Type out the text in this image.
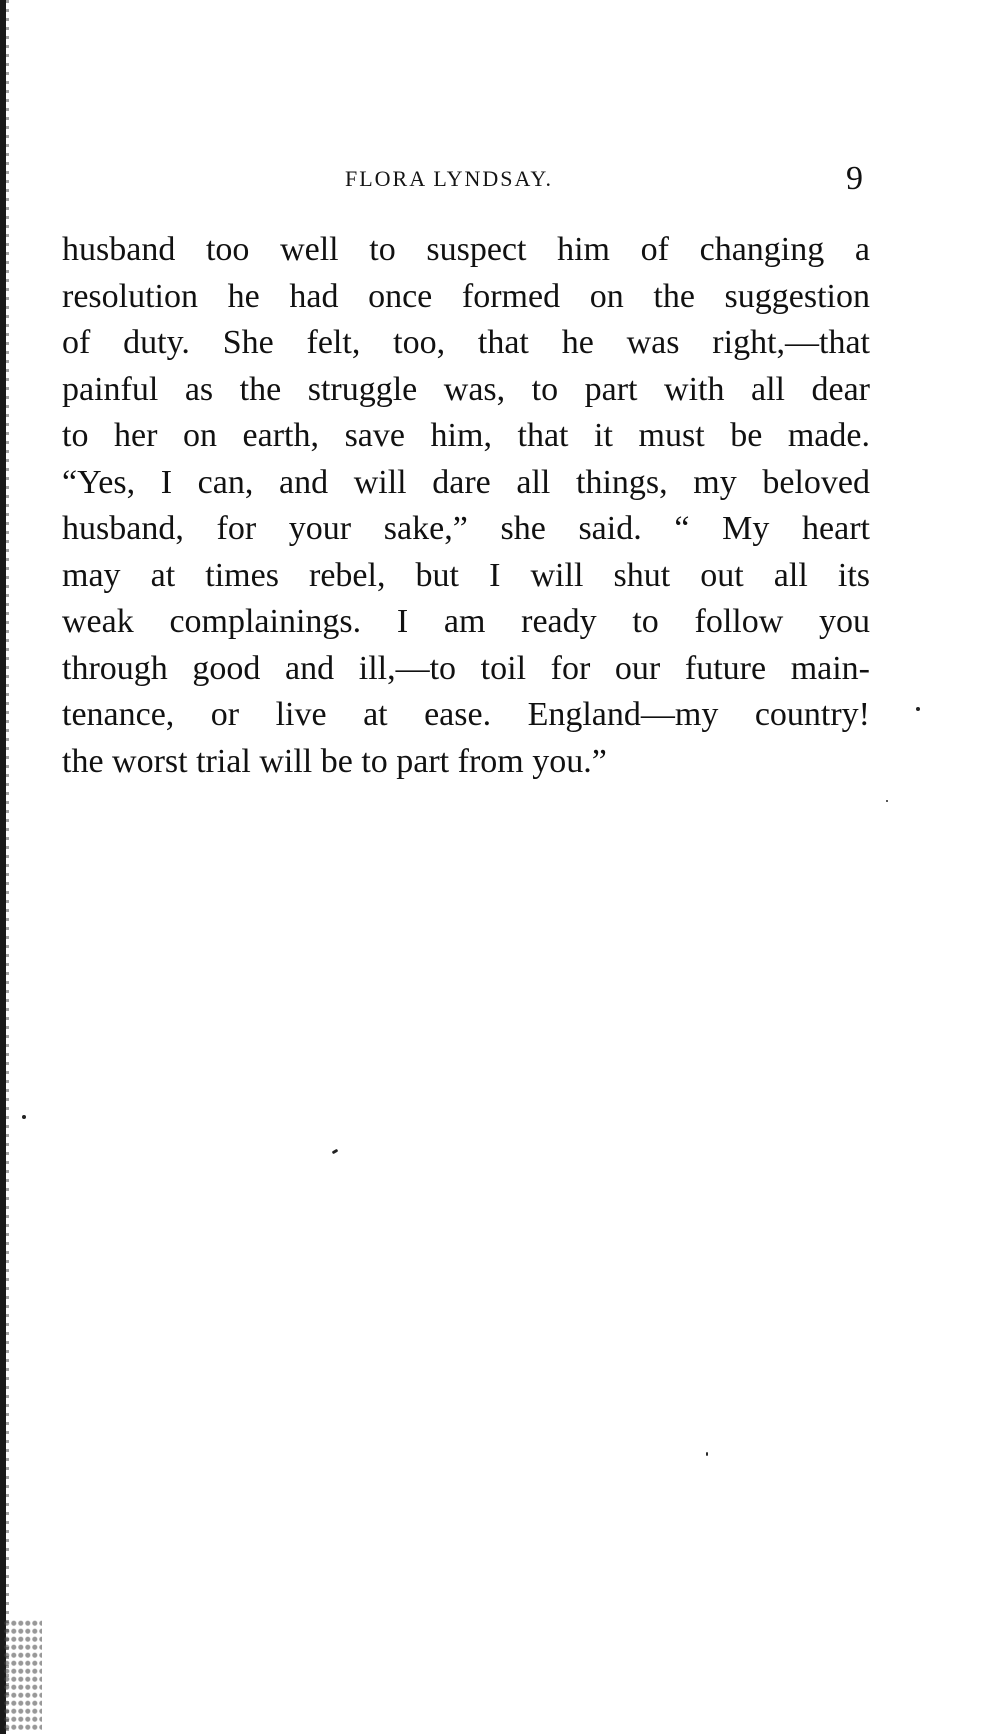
FLORA LYNDSAY.	9
husband too well to suspect him of changing a
resolution he had once formed on the suggestion
of duty. She felt, too, that he was right,—that
painful as the struggle was, to part with all dear
to her on earth, save him, that it must be made.
“Yes, I can, and will dare all things, my beloved
husband, for your sake,” she said. “ My heart
may at times rebel, but I will shut out all its
weak complainings. I am ready to follow you
through good and ill,—to toil for our future main-
tenance, or live at ease. England—my country!
the worst trial will be to part from you.”
